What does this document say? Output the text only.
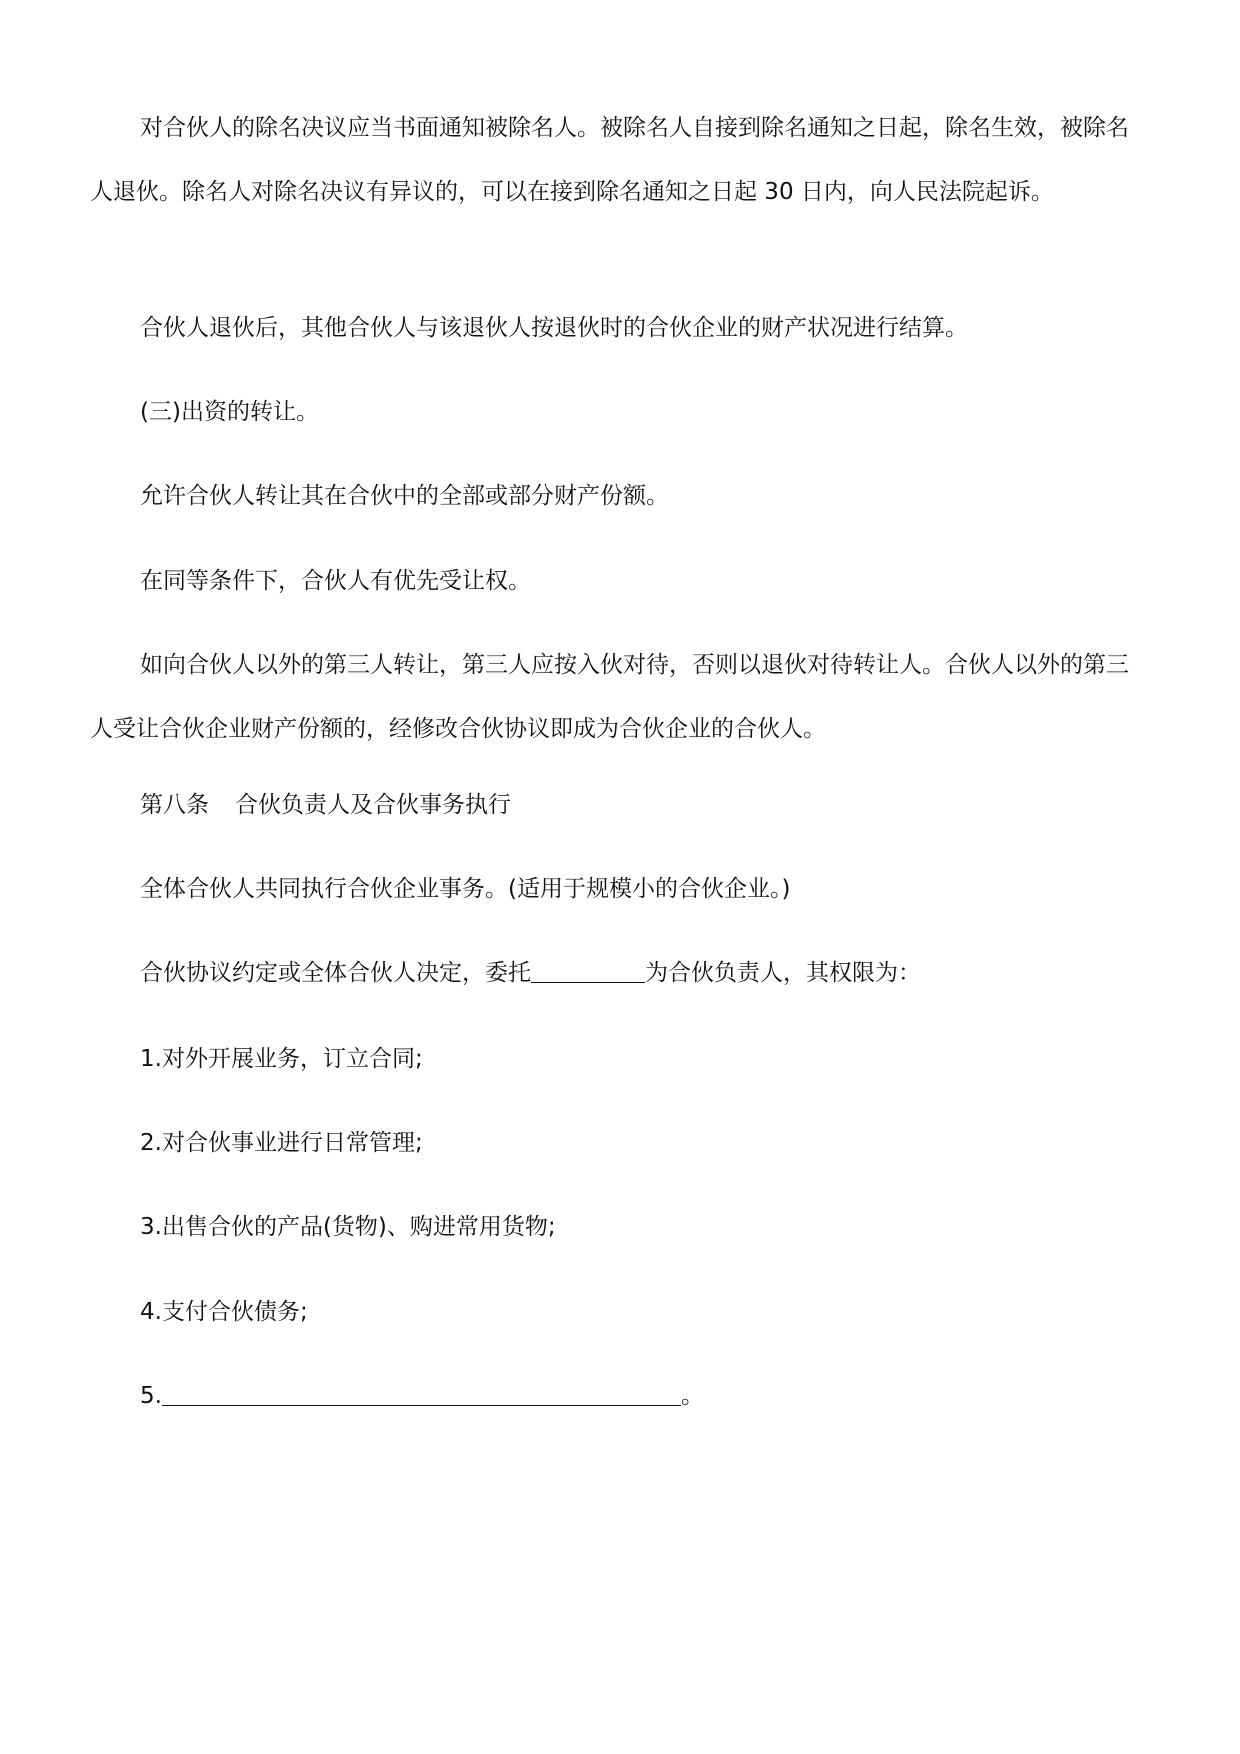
对合伙人的除名决议应当书面通知被除名人。被除名人自接到除名通知之日起，除名生效，被除名人退伙。除名人对除名决议有异议的，可以在接到除名通知之日起 30 日内，向人民法院起诉。
合伙人退伙后，其他合伙人与该退伙人按退伙时的合伙企业的财产状况进行结算。
(三)出资的转让。
允许合伙人转让其在合伙中的全部或部分财产份额。
在同等条件下，合伙人有优先受让权。
如向合伙人以外的第三人转让，第三人应按入伙对待，否则以退伙对待转让人。合伙人以外的第三人受让合伙企业财产份额的，经修改合伙协议即成为合伙企业的合伙人。
第八条 合伙负责人及合伙事务执行
全体合伙人共同执行合伙企业事务。(适用于规模小的合伙企业。)
合伙协议约定或全体合伙人决定，委托	为合伙负责人，其权限为：
1.对外开展业务，订立合同;
2.对合伙事业进行日常管理;
3.出售合伙的产品(货物)、购进常用货物;
4.支付合伙债务;
5.	。
